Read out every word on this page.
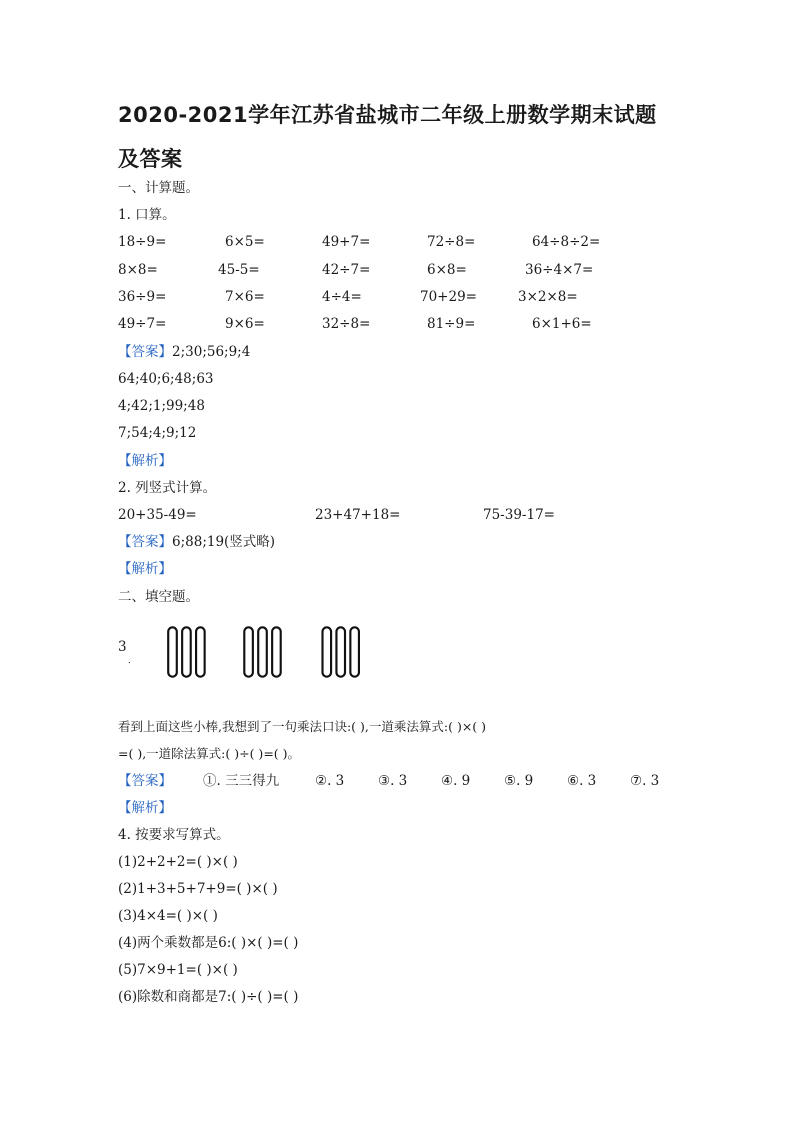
2020-2021学年江苏省盐城市二年级上册数学期末试题及答案
一、计算题。
1. 口算。
18÷9=	6×5=	49+7=	72÷8=	64÷8÷2=
8×8=	45-5=	42÷7=	6×8=	36÷4×7=
36÷9=	7×6=	4÷4=	70+29=	3×2×8=
49÷7=	9×6=	32÷8=	81÷9=	6×1+6=
【答案】2;30;56;9;4
64;40;6;48;63
4;42;1;99;48
7;54;4;9;12
【解析】
2. 列竖式计算。
20+35-49=	23+47+18=	75-39-17=
【答案】6;88;19(竖式略)
【解析】
二、填空题。
3
．
看到上面这些小棒,我想到了一句乘法口诀:( ),一道乘法算式:( )×( )
=( ),一道除法算式:( )÷( )=( )。
【答案】 ①. 三三得九	②. 3 ③. 3 ④. 9 ⑤. 9 ⑥. 3 ⑦. 3
【解析】
4. 按要求写算式。
(1)2+2+2=( )×( )
(2)1+3+5+7+9=( )×( )
(3)4×4=( )×( )
(4)两个乘数都是6:( )×( )=( )
(5)7×9+1=( )×( )
(6)除数和商都是7:( )÷( )=( )
